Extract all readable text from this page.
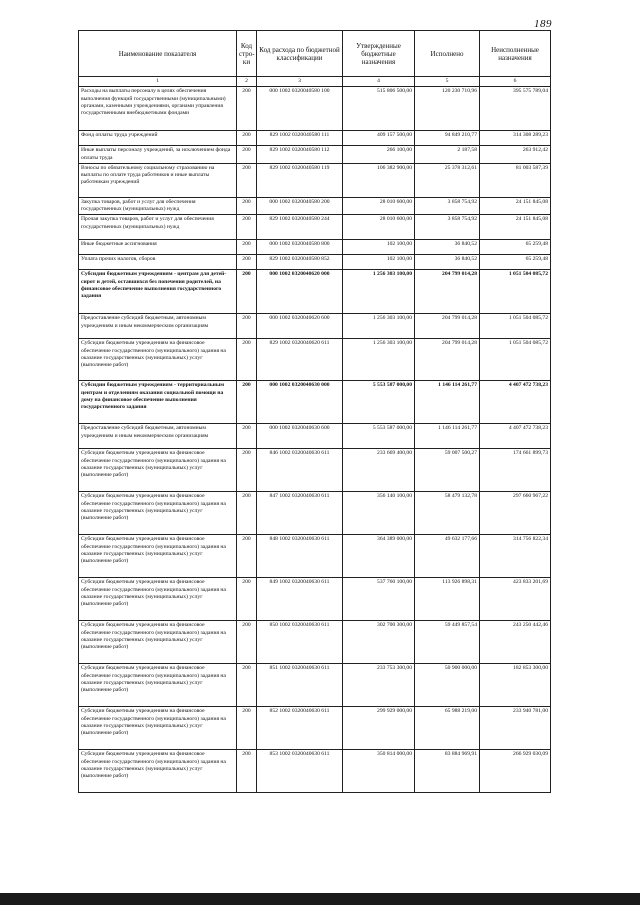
189
Наименование показателя	Код стро-ки	Код расхода по бюджетной классификации	Утвержденные бюджетные назначения	Исполнено	Неисполненные назначения
1	2	3	4	5	6
Расходы на выплаты персоналу в целях обеспечения выполнения функций государственными (муниципальными) органами, казенными учреждениями, органами управления государственными внебюджетными фондами	200	000 1002 0320040580 100	515 806 500,00	120 230 710,96	395 575 789,04
Фонд оплаты труда учреждений	200	829 1002 0320040580 111	409 157 500,00	94 849 210,77	314 308 289,23
Иные выплаты персоналу учреждений, за исключением фонда оплаты труда	200	829 1002 0320040580 112	266 100,00	2 187,58	263 912,42
Взносы по обязательному социальному страхованию на выплаты по оплате труда работников и иные выплаты работникам учреждений	200	829 1002 0320040580 119	106 382 900,00	25 378 312,61	81 003 587,39
Закупка товаров, работ и услуг для обеспечения государственных (муниципальных) нужд	200	000 1002 0320040580 200	28 010 600,00	3 858 754,92	24 151 845,08
Прочая закупка товаров, работ и услуг для обеспечения государственных (муниципальных) нужд	200	829 1002 0320040580 244	28 010 600,00	3 858 754,92	24 151 845,08
Иные бюджетные ассигнования	200	000 1002 0320040580 800	102 100,00	36 840,52	65 259,48
Уплата прочих налогов, сборов	200	829 1002 0320040580 852	102 100,00	36 840,52	65 259,48
Субсидии бюджетным учреждениям - центрам для детей-сирот и детей, оставшихся без попечения родителей, на финансовое обеспечение выполнения государственного задания	200	000 1002 0320040620 000	1 256 303 100,00	204 799 014,28	1 051 504 085,72
Предоставление субсидий бюджетным, автономным учреждениям и иным некоммерческим организациям	200	000 1002 0320040620 600	1 256 303 100,00	204 799 014,28	1 051 504 085,72
Субсидии бюджетным учреждениям на финансовое обеспечение государственного (муниципального) задания на оказание государственных (муниципальных) услуг (выполнение работ)	200	829 1002 0320040620 611	1 256 303 100,00	204 799 014,28	1 051 504 085,72
Субсидии бюджетным учреждениям - территориальным центрам и отделениям оказания социальной помощи на дому на финансовое обеспечение выполнения государственного задания	200	000 1002 0320040630 000	5 553 587 000,00	1 146 114 261,77	4 407 472 738,23
Предоставление субсидий бюджетным, автономным учреждениям и иным некоммерческим организациям	200	000 1002 0320040630 600	5 553 587 000,00	1 146 114 261,77	4 407 472 738,23
Субсидии бюджетным учреждениям на финансовое обеспечение государственного (муниципального) задания на оказание государственных (муниципальных) услуг (выполнение работ)	200	846 1002 0320040630 611	233 669 400,00	59 007 500,27	174 661 899,73
Субсидии бюджетным учреждениям на финансовое обеспечение государственного (муниципального) задания на оказание государственных (муниципальных) услуг (выполнение работ)	200	847 1002 0320040630 611	356 140 100,00	58 479 132,78	297 660 967,22
Субсидии бюджетным учреждениям на финансовое обеспечение государственного (муниципального) задания на оказание государственных (муниципальных) услуг (выполнение работ)	200	848 1002 0320040630 611	364 389 000,00	49 632 177,66	314 756 822,34
Субсидии бюджетным учреждениям на финансовое обеспечение государственного (муниципального) задания на оказание государственных (муниципальных) услуг (выполнение работ)	200	849 1002 0320040630 611	537 760 100,00	113 926 898,31	423 833 201,69
Субсидии бюджетным учреждениям на финансовое обеспечение государственного (муниципального) задания на оказание государственных (муниципальных) услуг (выполнение работ)	200	850 1002 0320040630 611	302 700 300,00	59 449 857,54	243 250 442,46
Субсидии бюджетным учреждениям на финансовое обеспечение государственного (муниципального) задания на оказание государственных (муниципальных) услуг (выполнение работ)	200	851 1002 0320040630 611	233 753 300,00	50 900 000,00	182 853 300,00
Субсидии бюджетным учреждениям на финансовое обеспечение государственного (муниципального) задания на оказание государственных (муниципальных) услуг (выполнение работ)	200	852 1002 0320040630 611	299 929 000,00	65 988 219,00	233 940 781,00
Субсидии бюджетным учреждениям на финансовое обеспечение государственного (муниципального) задания на оказание государственных (муниципальных) услуг (выполнение работ)	200	853 1002 0320040630 611	350 814 000,00	83 884 969,91	266 929 030,09
